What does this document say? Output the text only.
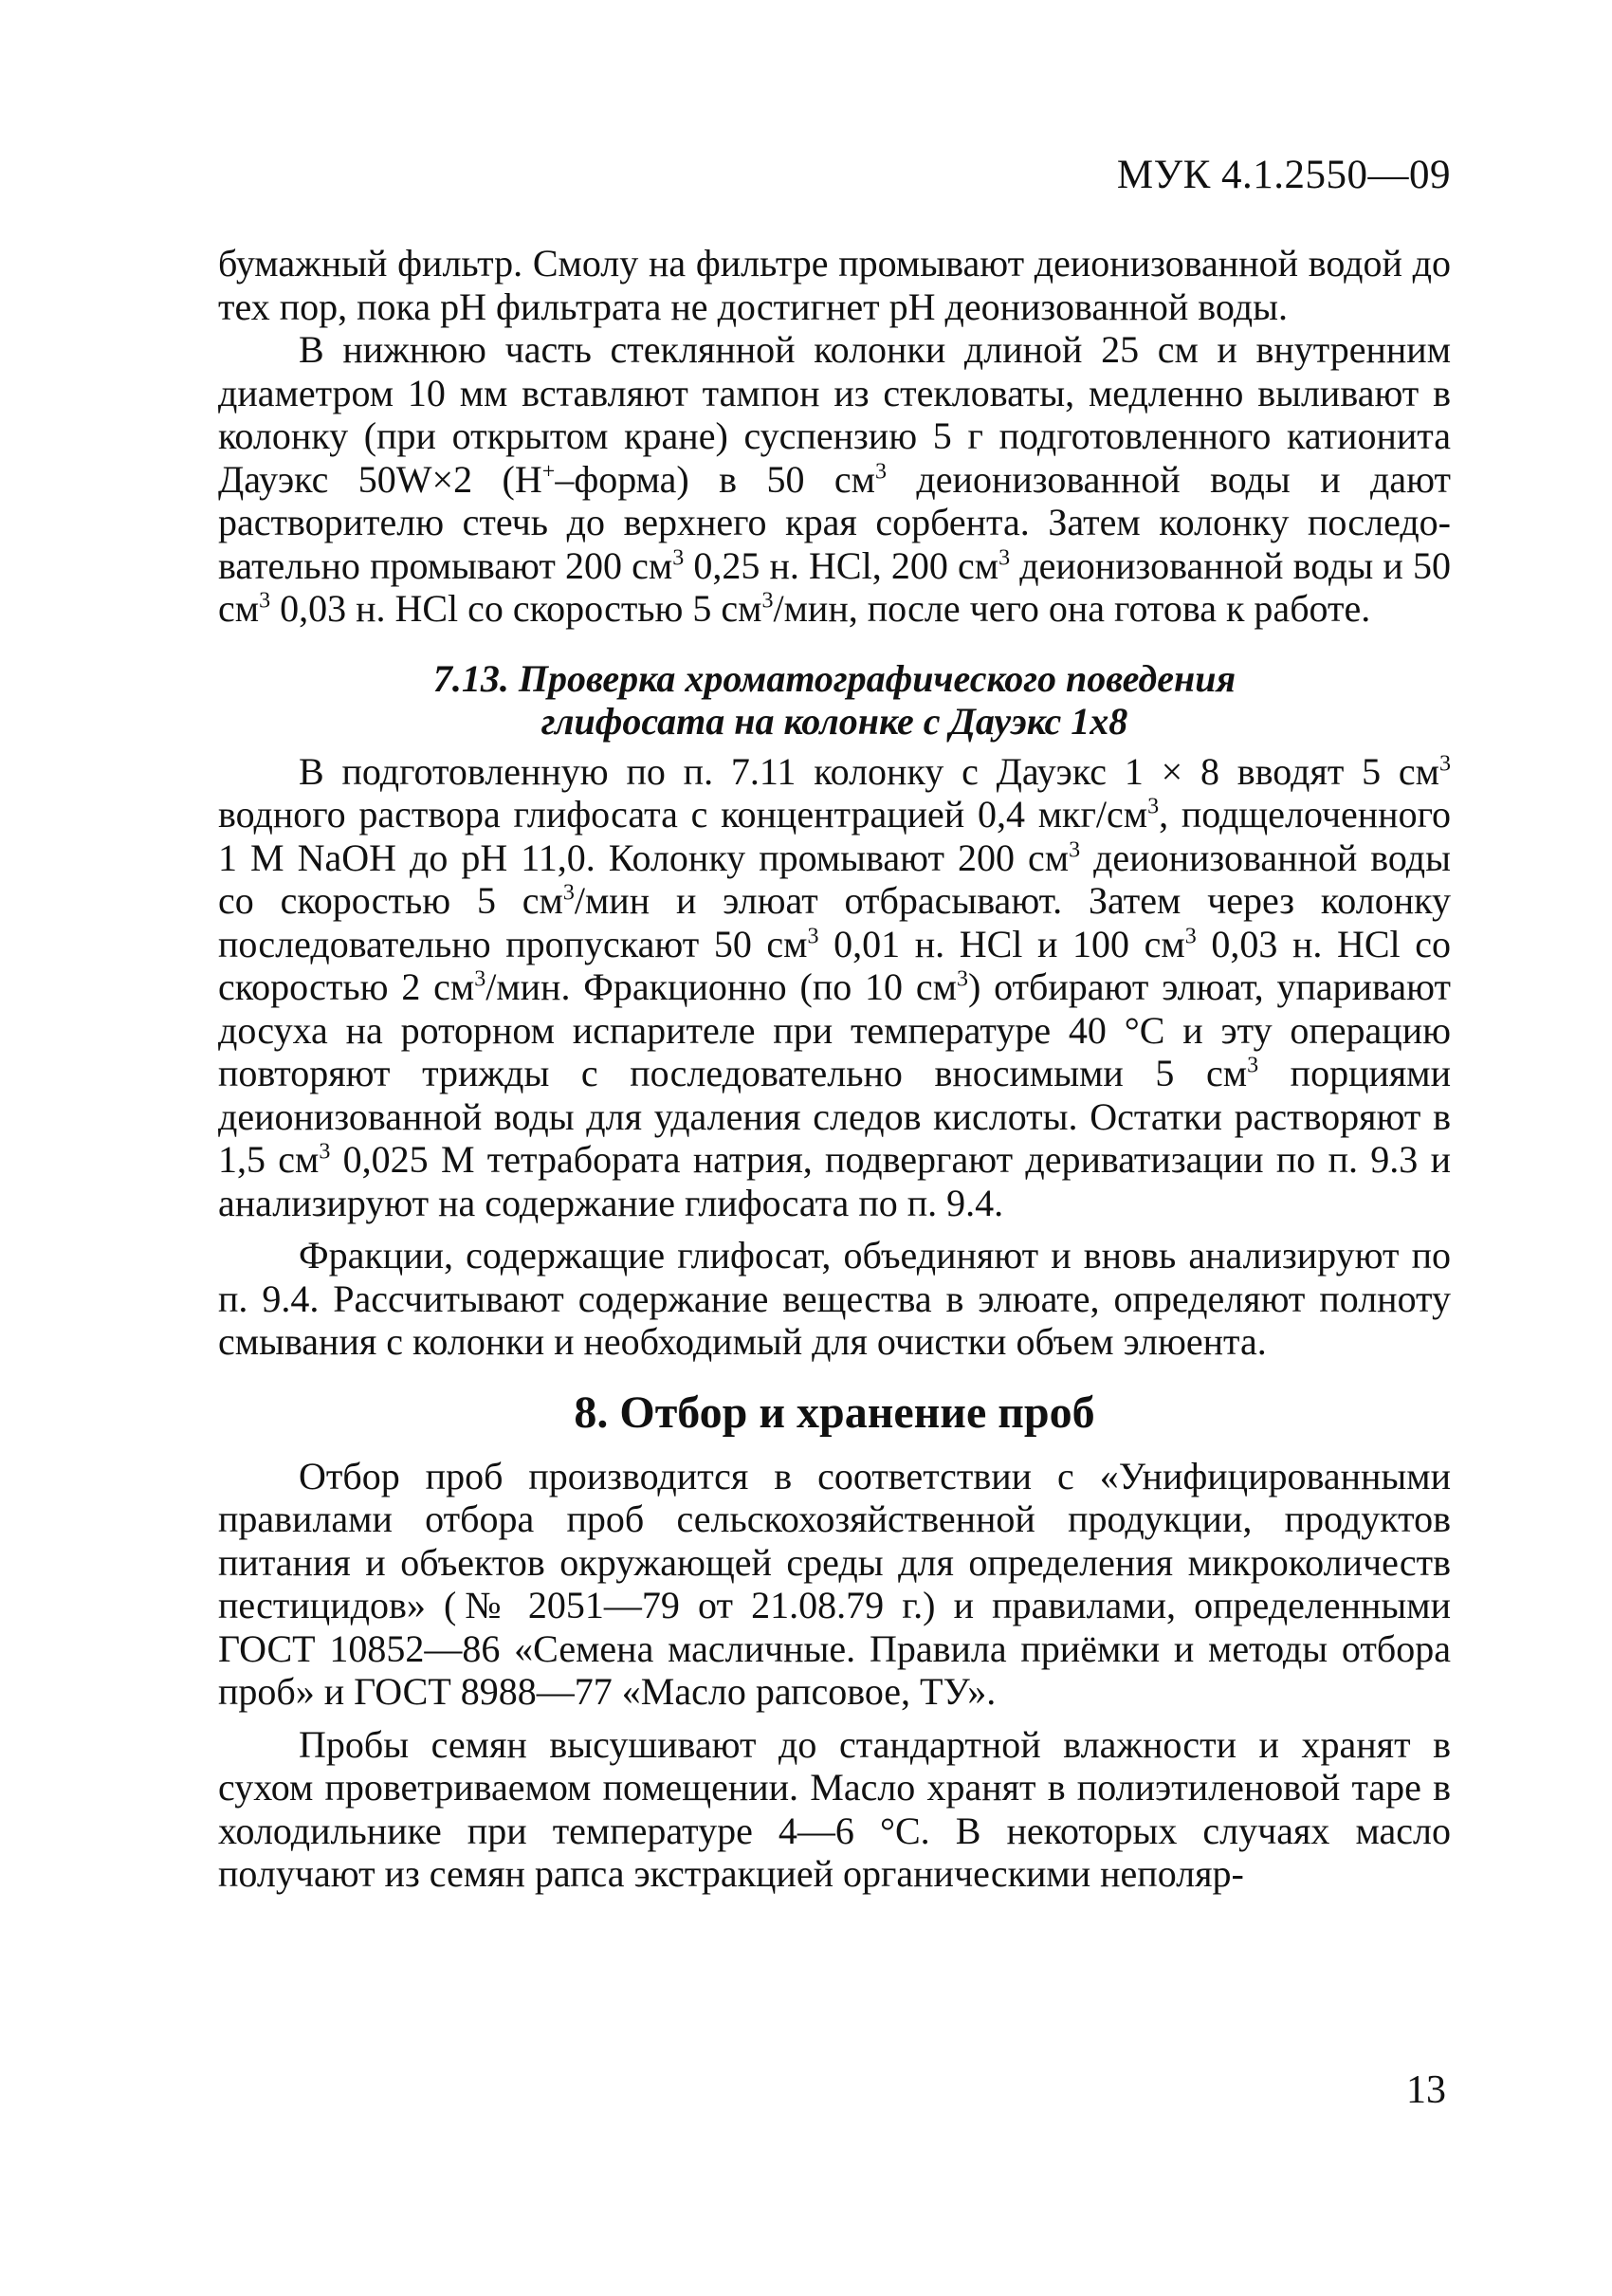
МУК 4.1.2550—09

бумажный фильтр. Смолу на фильтре промывают деионизованной водой до тех пор, пока pH фильтрата не достигнет pH деонизованной воды.

В нижнюю часть стеклянной колонки длиной 25 см и внутренним диаметром 10 мм вставляют тампон из стекловаты, медленно выливают в колонку (при открытом кране) суспензию 5 г подготовленного катионита Дауэкс 50W×2 (H+–форма) в 50 $см^3$ деионизованной воды и дают растворителю стечь до верхнего края сорбента. Затем колонку последовательно промывают 200 $см^3$ 0,25 н. HCl, 200 $см^3$ деионизованной воды и 50 $см^3$ 0,03 н. HCl со скоростью 5 $см^3$/мин, после чего она готова к работе.

7.13. Проверка хроматографического поведения
глифосата на колонке с Дауэкс 1х8

В подготовленную по п. 7.11 колонку с Дауэкс 1 × 8 вводят 5 $см^3$ водного раствора глифосата с концентрацией 0,4 мкг/$см^3$, подщелоченного 1 M NaOH до pH 11,0. Колонку промывают 200 $см^3$ деионизованной воды со скоростью 5 $см^3$/мин и элюат отбрасывают. Затем через колонку последовательно пропускают 50 $см^3$ 0,01 н. HCl и 100 $см^3$ 0,03 н. HCl со скоростью 2 $см^3$/мин. Фракционно (по 10 $см^3$) отбирают элюат, упаривают досуха на роторном испарителе при температуре 40 °С и эту операцию повторяют трижды с последовательно вносимыми 5 $см^3$ порциями деионизованной воды для удаления следов кислоты. Остатки растворяют в 1,5 $см^3$ 0,025 M тетрабората натрия, подвергают дериватизации по п. 9.3 и анализируют на содержание глифосата по п. 9.4.

Фракции, содержащие глифосат, объединяют и вновь анализируют по п. 9.4. Рассчитывают содержание вещества в элюате, определяют полноту смывания с колонки и необходимый для очистки объем элюента.

8. Отбор и хранение проб

Отбор проб производится в соответствии с «Унифицированными правилами отбора проб сельскохозяйственной продукции, продуктов питания и объектов окружающей среды для определения микроколичеств пестицидов» (№ 2051—79 от 21.08.79 г.) и правилами, определенными ГОСТ 10852—86 «Семена масличные. Правила приёмки и методы отбора проб» и ГОСТ 8988—77 «Масло рапсовое, ТУ».

Пробы семян высушивают до стандартной влажности и хранят в сухом проветриваемом помещении. Масло хранят в полиэтиленовой таре в холодильнике при температуре 4—6 °С. В некоторых случаях масло получают из семян рапса экстракцией органическими неполяр-

13
